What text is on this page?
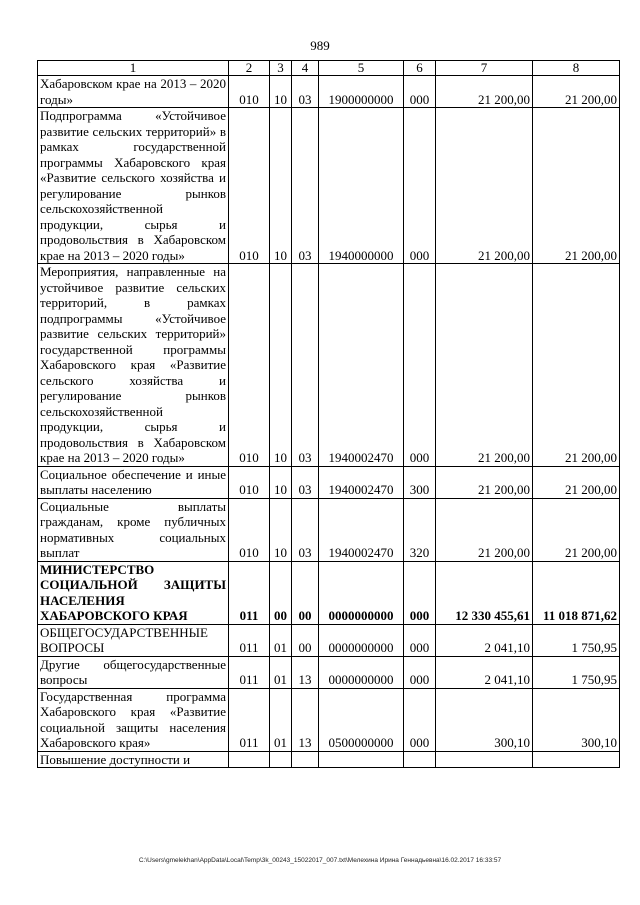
989
1	2	3	4	5	6	7	8
Хабаровском крае на 2013 – 2020 годы»	010	10	03	1900000000	000	21 200,00	21 200,00
Подпрограмма «Устойчивое развитие сельских территорий» в рамках государственной программы Хабаровского края «Развитие сельского хозяйства и регулирование рынков сельскохозяйственной продукции, сырья и продовольствия в Хабаровском крае на 2013 – 2020 годы»	010	10	03	1940000000	000	21 200,00	21 200,00
Мероприятия, направленные на устойчивое развитие сельских территорий, в рамках подпрограммы «Устойчивое развитие сельских территорий» государственной программы Хабаровского края «Развитие сельского хозяйства и регулирование рынков сельскохозяйственной продукции, сырья и продовольствия в Хабаровском крае на 2013 – 2020 годы»	010	10	03	1940002470	000	21 200,00	21 200,00
Социальное обеспечение и иные выплаты населению	010	10	03	1940002470	300	21 200,00	21 200,00
Социальные выплаты гражданам, кроме публичных нормативных социальных выплат	010	10	03	1940002470	320	21 200,00	21 200,00
МИНИСТЕРСТВО СОЦИАЛЬНОЙ ЗАЩИТЫ НАСЕЛЕНИЯ ХАБАРОВСКОГО КРАЯ	011	00	00	0000000000	000	12 330 455,61	11 018 871,62
ОБЩЕГОСУДАРСТВЕННЫЕ ВОПРОСЫ	011	01	00	0000000000	000	2 041,10	1 750,95
Другие общегосударственные вопросы	011	01	13	0000000000	000	2 041,10	1 750,95
Государственная программа Хабаровского края «Развитие социальной защиты населения Хабаровского края»	011	01	13	0500000000	000	300,10	300,10
Повышение доступности и							
C:\Users\gmelekhan\AppData\Local\Temp\3k_00243_15022017_007.txt\Мелехина Ирина Геннадьевна\16.02.2017 16:33:57
